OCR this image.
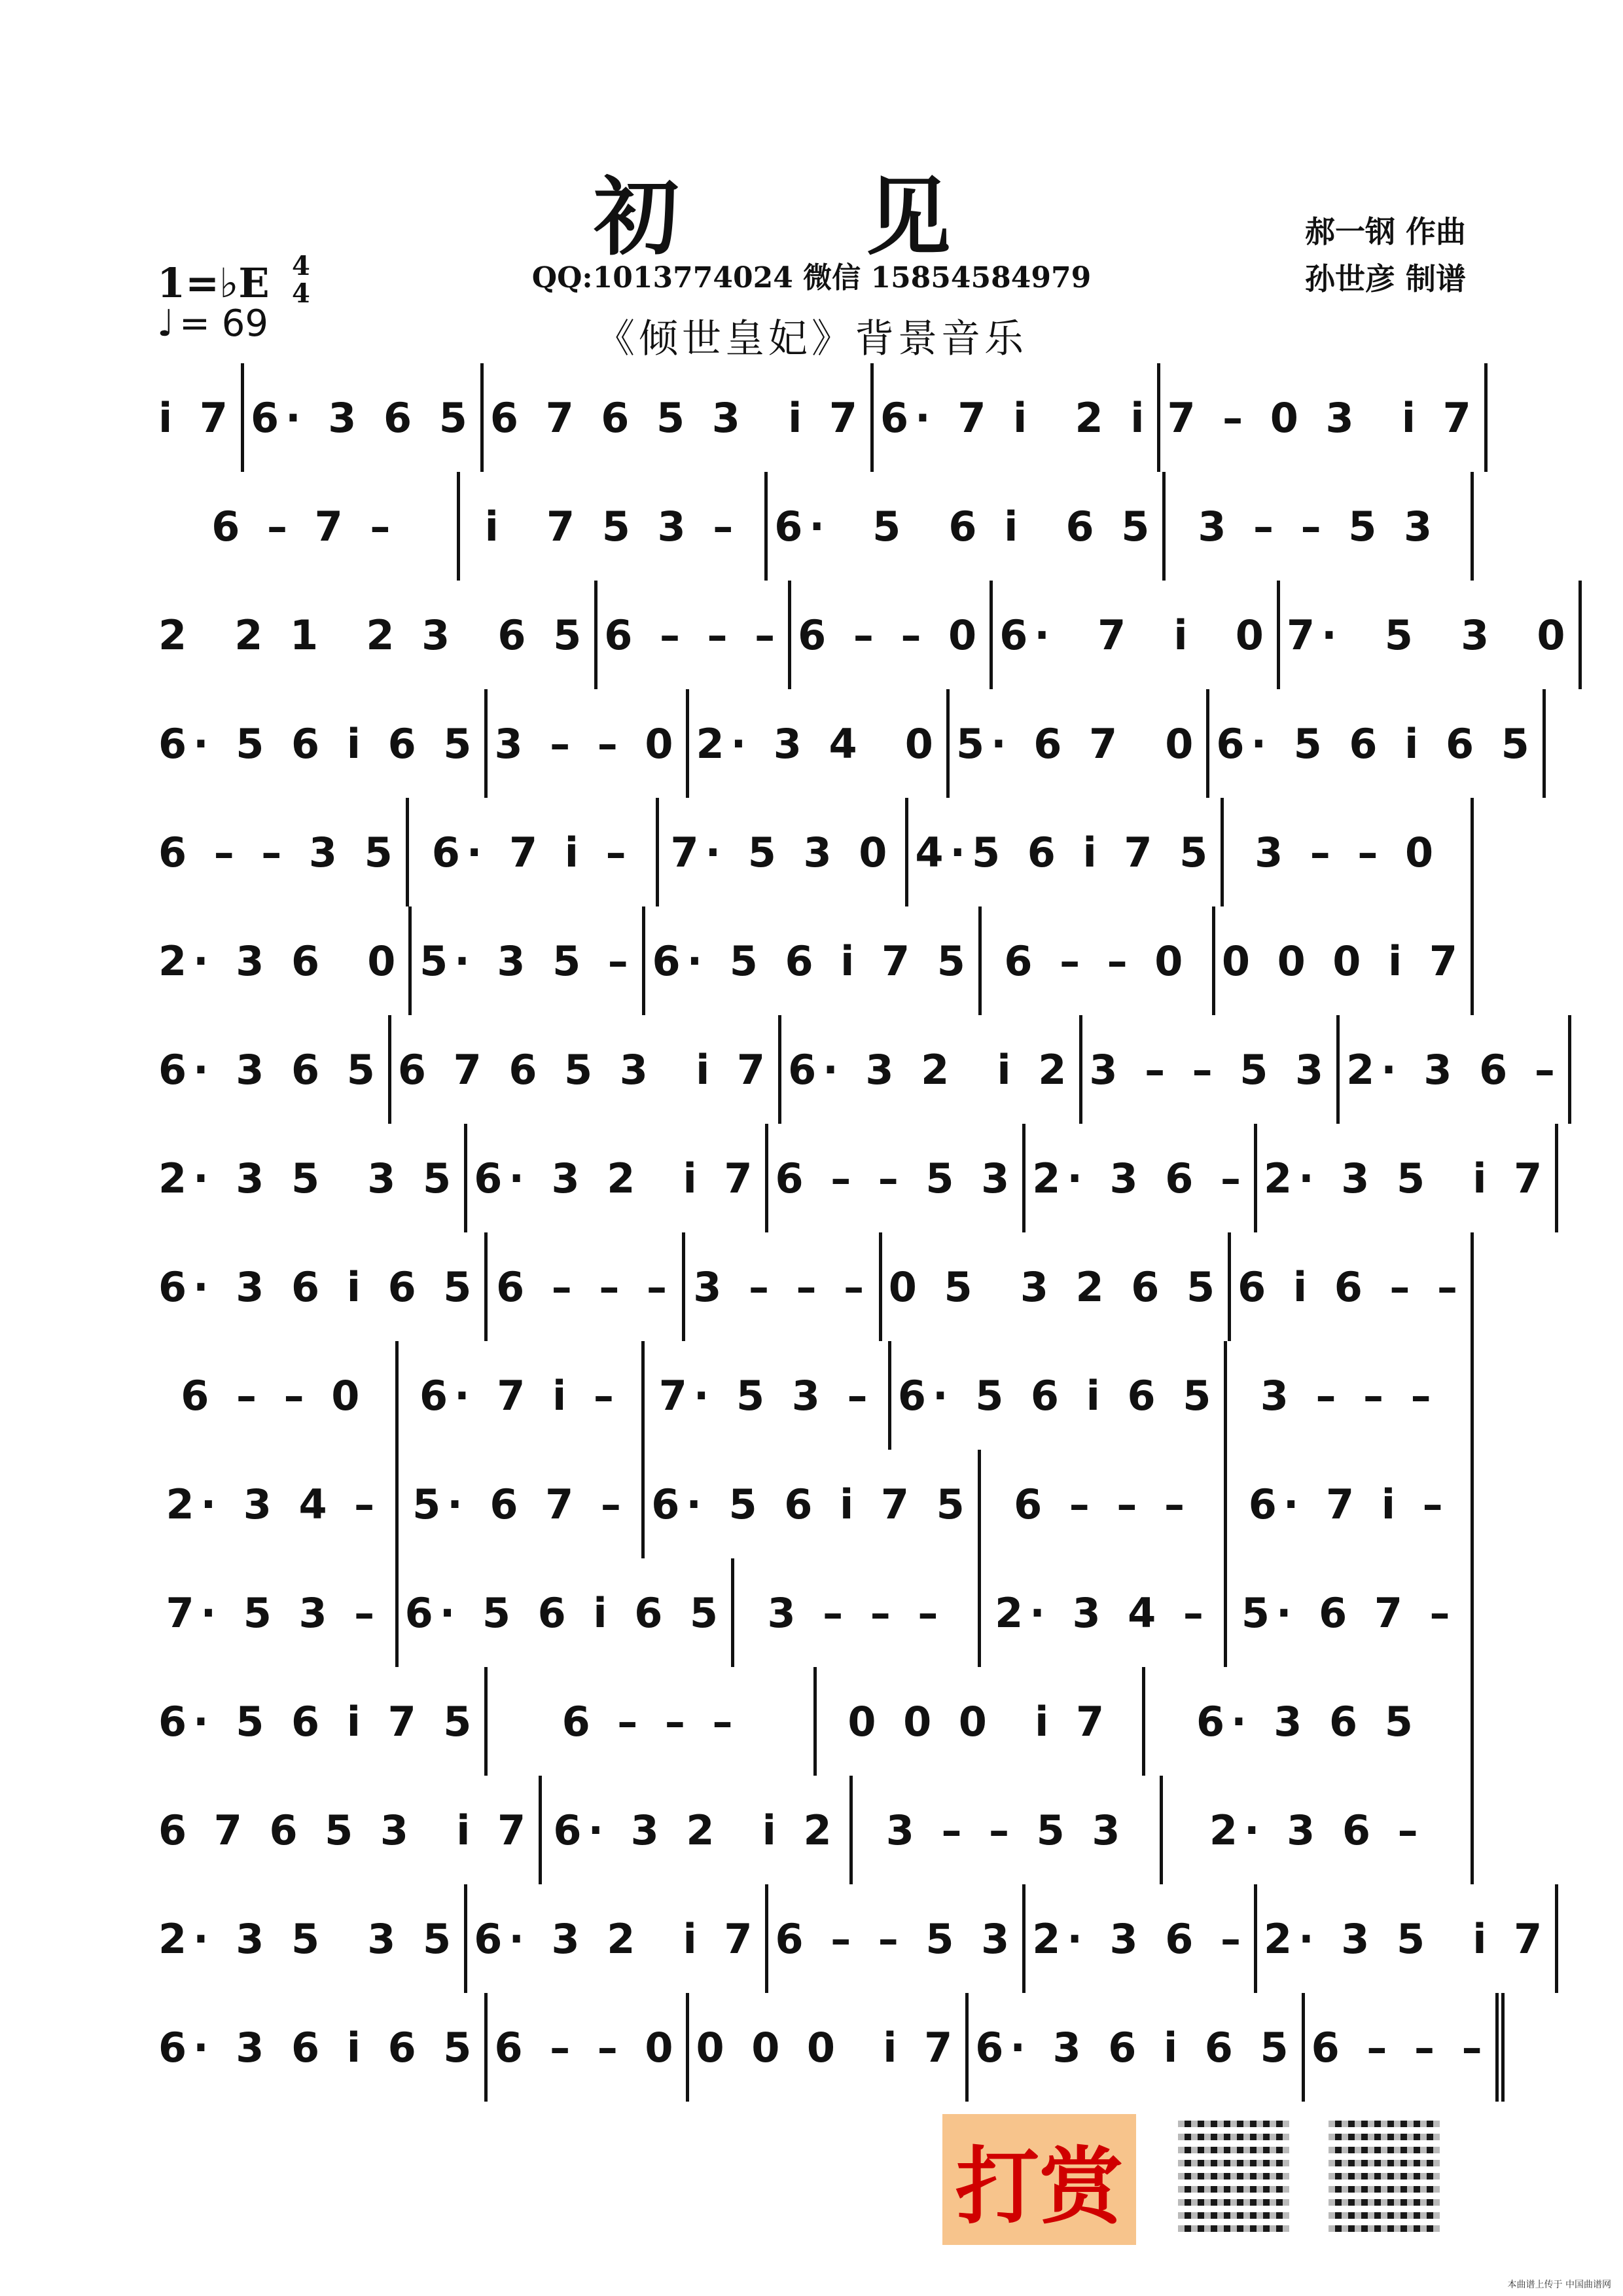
初 见
QQ:1013774024 微信 15854584979
《倾世皇妃》背景音乐
郝一钢 作曲
孙世彦 制谱
1=♭E 4
4
♩ = 69
i 7 6· 3 6 5 6 7 6 5 3  i 7 6· 7 i  2 i 7 – 0 3  i 7
6 – 7 – i  7 5 3 – 6·  5  6 i  6 5 3 – – 5 3
2  2 1  2 3  6 5 6 – – – 6 – – 0 6·  7  i  0 7·  5  3  0
6· 5 6 i 6 5 3 – – 0 2· 3 4  0 5· 6 7  0 6· 5 6 i 6 5
6 – – 3 5 6· 7 i – 7· 5 3 0 4·5 6 i 7 5 3 – – 0
2· 3 6  0 5· 3 5 – 6· 5 6 i 7 5 6 – – 0 0 0 0 i 7
6· 3 6 5 6 7 6 5 3  i 7 6· 3 2  i 2 3 – – 5 3 2· 3 6 –
2· 3 5  3 5 6· 3 2  i 7 6 – – 5 3 2· 3 6 – 2· 3 5  i 7
6· 3 6 i 6 5 6 – – – 3 – – – 0 5  3 2 6 5 6 i 6 – –
6 – – 0 6· 7 i – 7· 5 3 – 6· 5 6 i 6 5 3 – – –
2· 3 4 – 5· 6 7 – 6· 5 6 i 7 5 6 – – – 6· 7 i –
7· 5 3 – 6· 5 6 i 6 5 3 – – – 2· 3 4 – 5· 6 7 –
6· 5 6 i 7 5 6 – – –	0 0 0  i 7 6· 3 6 5
6 7 6 5 3  i 7 6· 3 2  i 2 3 – – 5 3 2· 3 6 –
2· 3 5  3 5 6· 3 2  i 7 6 – – 5 3 2· 3 6 – 2· 3 5  i 7
6· 3 6 i 6 5 6 – – 0 0 0 0  i 7 6· 3 6 i 6 5 6 – – –
打赏
本曲谱上传于 中国曲谱网
